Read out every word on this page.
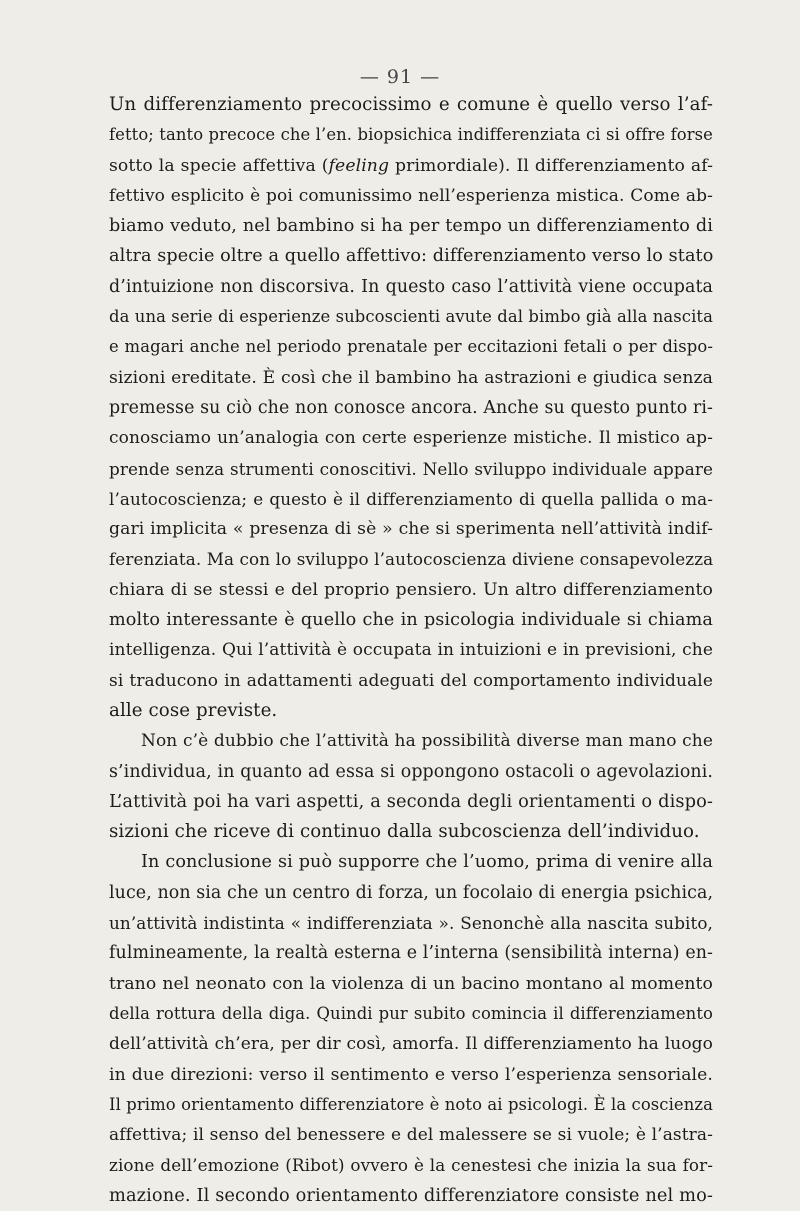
— 91 —
Un differenziamento precocissimo e comune è quello verso l’af-
fetto; tanto precoce che l’en. biopsichica indifferenziata ci si offre forse
sotto la specie affettiva (feeling primordiale). Il differenziamento af-
fettivo esplicito è poi comunissimo nell’esperienza mistica. Come ab-
biamo veduto, nel bambino si ha per tempo un differenziamento di
altra specie oltre a quello affettivo: differenziamento verso lo stato
d’intuizione non discorsiva. In questo caso l’attività viene occupata
da una serie di esperienze subcoscienti avute dal bimbo già alla nascita
e magari anche nel periodo prenatale per eccitazioni fetali o per dispo-
sizioni ereditate. È così che il bambino ha astrazioni e giudica senza
premesse su ciò che non conosce ancora. Anche su questo punto ri-
conosciamo un’analogia con certe esperienze mistiche. Il mistico ap-
prende senza strumenti conoscitivi. Nello sviluppo individuale appare
l’autocoscienza; e questo è il differenziamento di quella pallida o ma-
gari implicita « presenza di sè » che si sperimenta nell’attività indif-
ferenziata. Ma con lo sviluppo l’autocoscienza diviene consapevolezza
chiara di se stessi e del proprio pensiero. Un altro differenziamento
molto interessante è quello che in psicologia individuale si chiama
intelligenza. Qui l’attività è occupata in intuizioni e in previsioni, che
si traducono in adattamenti adeguati del comportamento individuale
alle cose previste.
Non c’è dubbio che l’attività ha possibilità diverse man mano che
s’individua, in quanto ad essa si oppongono ostacoli o agevolazioni.
L’attività poi ha vari aspetti, a seconda degli orientamenti o dispo-
sizioni che riceve di continuo dalla subcoscienza dell’individuo.
In conclusione si può supporre che l’uomo, prima di venire alla
luce, non sia che un centro di forza, un focolaio di energia psichica,
un’attività indistinta « indifferenziata ». Senonchè alla nascita subito,
fulmineamente, la realtà esterna e l’interna (sensibilità interna) en-
trano nel neonato con la violenza di un bacino montano al momento
della rottura della diga. Quindi pur subito comincia il differenziamento
dell’attività ch’era, per dir così, amorfa. Il differenziamento ha luogo
in due direzioni: verso il sentimento e verso l’esperienza sensoriale.
Il primo orientamento differenziatore è noto ai psicologi. È la coscienza
affettiva; il senso del benessere e del malessere se si vuole; è l’astra-
zione dell’emozione (Ribot) ovvero è la cenestesi che inizia la sua for-
mazione. Il secondo orientamento differenziatore consiste nel mo-
